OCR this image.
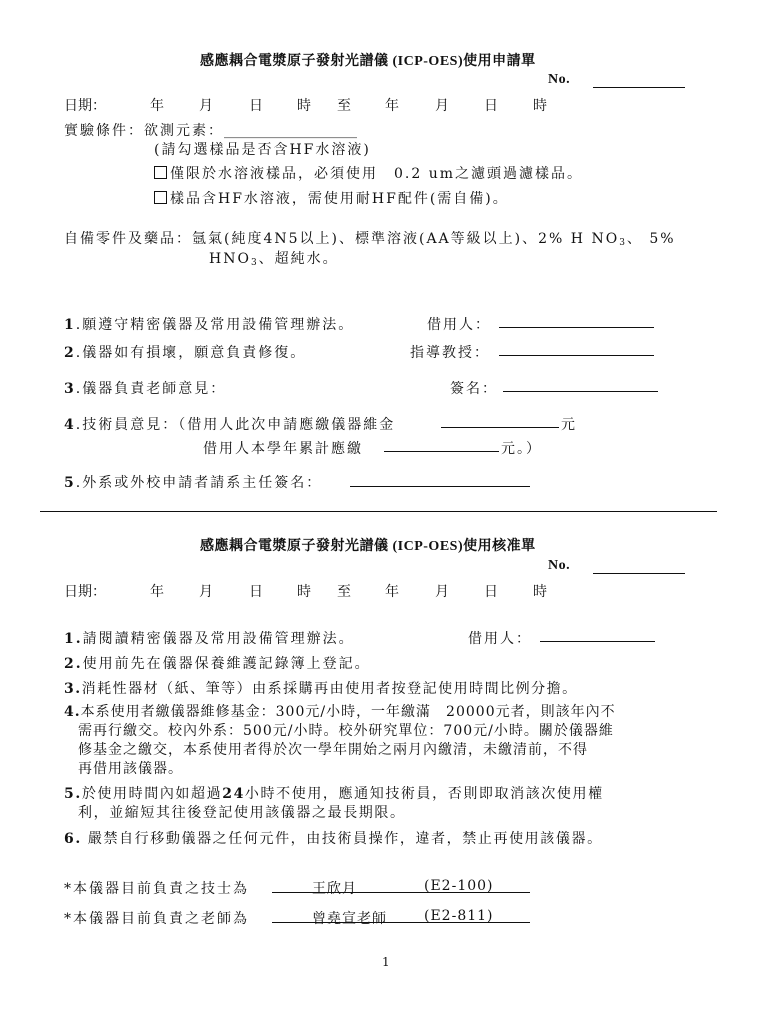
感應耦合電漿原子發射光譜儀 (ICP-OES)使用申請單
No.
日期：	年	月	日 時 至 年	月	日	時
實驗條件：欲測元素：___________________
(請勾選樣品是否含HF水溶液)
僅限於水溶液樣品，必須使用　0.2 um之濾頭過濾樣品。
樣品含HF水溶液，需使用耐HF配件(需自備)。
自備零件及藥品：氬氣(純度4N5以上)、標準溶液(AA等級以上)、2% H $NO_3$、 5%
$HNO_3$、超純水。
1.願遵守精密儀器及常用設備管理辦法。	借用人：
2.儀器如有損壞，願意負責修復。	指導教授：
3.儀器負責老師意見：	簽名：
4.技術員意見：（借用人此次申請應繳儀器維金	元
借用人本學年累計應繳	元。）
5.外系或外校申請者請系主任簽名：
感應耦合電漿原子發射光譜儀 (ICP-OES)使用核准單
No.
日期：	年	月	日 時 至 年	月	日	時
1.請閱讀精密儀器及常用設備管理辦法。	借用人：
2.使用前先在儀器保養維護記錄簿上登記。
3.消耗性器材（紙、筆等）由系採購再由使用者按登記使用時間比例分擔。
4.本系使用者繳儀器維修基金：300元/小時，一年繳滿　20000元者，則該年內不
需再行繳交。校內外系：500元/小時。校外研究單位：700元/小時。關於儀器維
修基金之繳交，本系使用者得於次一學年開始之兩月內繳清，未繳清前，不得
再借用該儀器。
5.於使用時間內如超過24小時不使用，應通知技術員，否則即取消該次使用權
利，並縮短其往後登記使用該儀器之最長期限。
6. 嚴禁自行移動儀器之任何元件，由技術員操作，違者，禁止再使用該儀器。
*本儀器目前負責之技士為	王欣月	(E2-100)
*本儀器目前負責之老師為	曾堯宣老師	(E2-811)
1
